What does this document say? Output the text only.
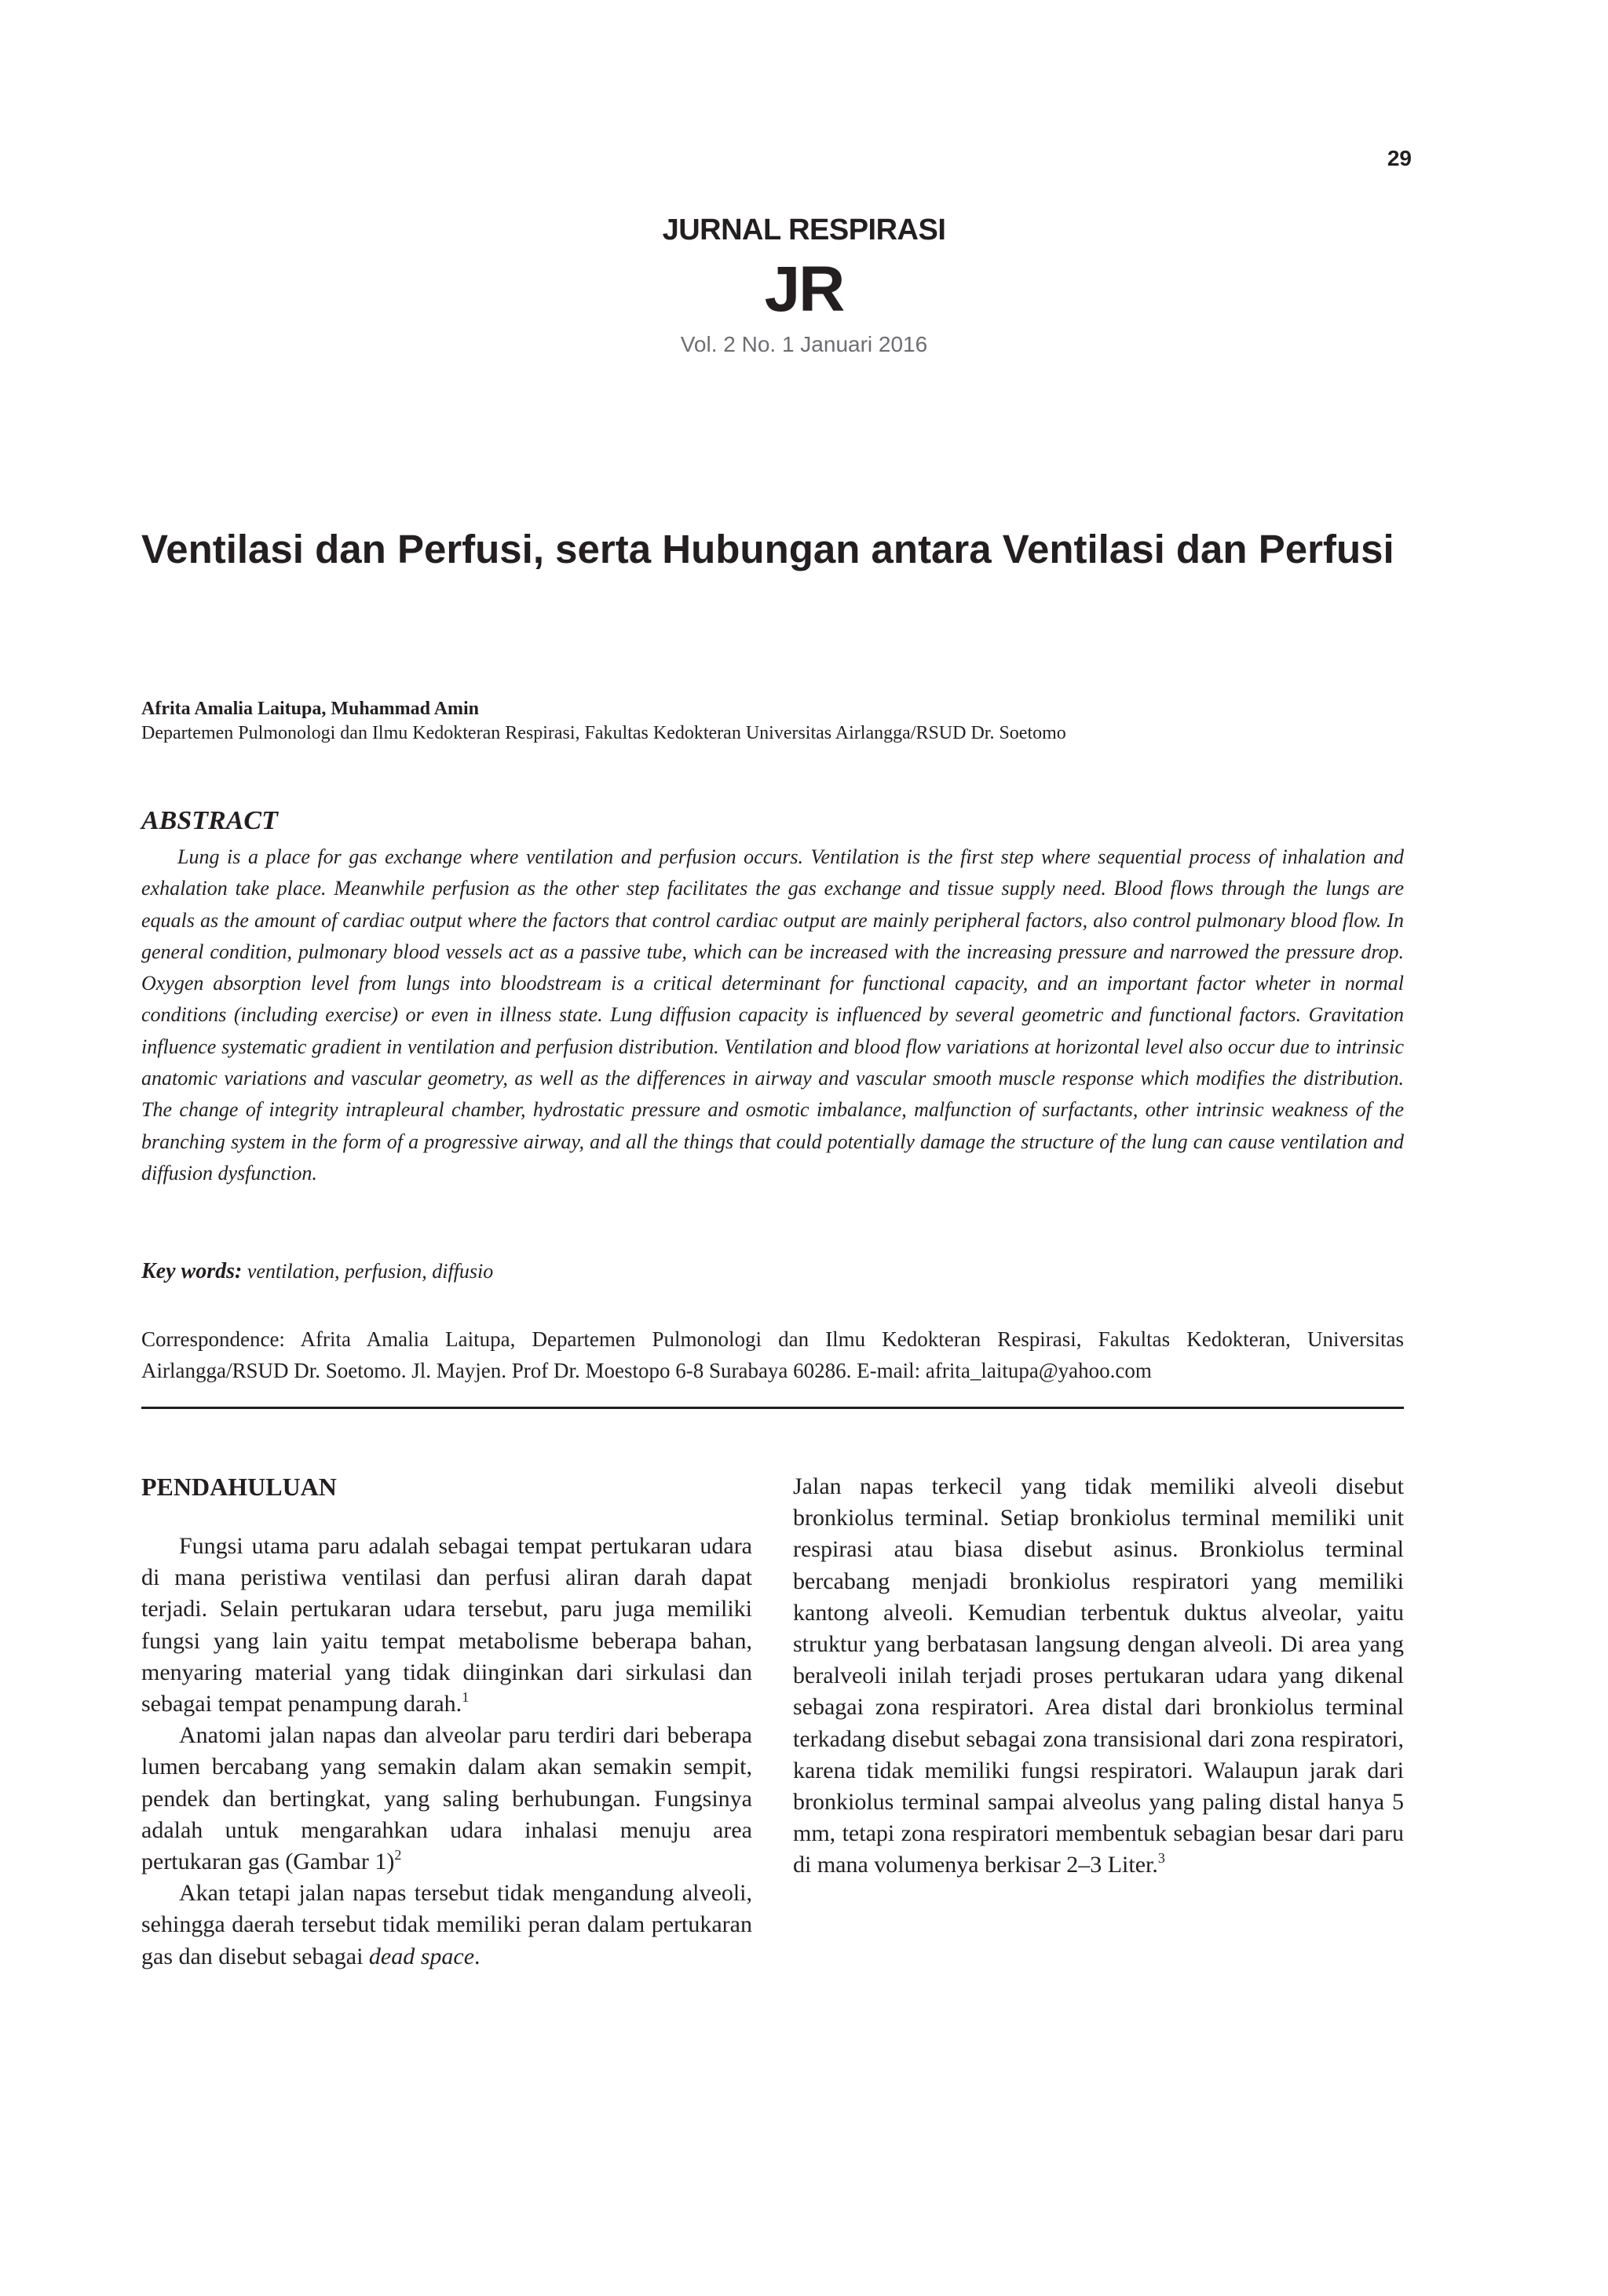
29
JURNAL RESPIRASI
JR
Vol. 2 No. 1 Januari 2016
Ventilasi dan Perfusi, serta Hubungan antara Ventilasi dan Perfusi
Afrita Amalia Laitupa, Muhammad Amin
Departemen Pulmonologi dan Ilmu Kedokteran Respirasi, Fakultas Kedokteran Universitas Airlangga/RSUD Dr. Soetomo
ABSTRACT

Lung is a place for gas exchange where ventilation and perfusion occurs. Ventilation is the first step where sequential process of inhalation and exhalation take place. Meanwhile perfusion as the other step facilitates the gas exchange and tissue supply need. Blood flows through the lungs are equals as the amount of cardiac output where the factors that control cardiac output are mainly peripheral factors, also control pulmonary blood flow. In general condition, pulmonary blood vessels act as a passive tube, which can be increased with the increasing pressure and narrowed the pressure drop. Oxygen absorption level from lungs into bloodstream is a critical determinant for functional capacity, and an important factor wheter in normal conditions (including exercise) or even in illness state. Lung diffusion capacity is influenced by several geometric and functional factors. Gravitation influence systematic gradient in ventilation and perfusion distribution. Ventilation and blood flow variations at horizontal level also occur due to intrinsic anatomic variations and vascular geometry, as well as the differences in airway and vascular smooth muscle response which modifies the distribution. The change of integrity intrapleural chamber, hydrostatic pressure and osmotic imbalance, malfunction of surfactants, other intrinsic weakness of the branching system in the form of a progressive airway, and all the things that could potentially damage the structure of the lung can cause ventilation and diffusion dysfunction.

Key words: ventilation, perfusion, diffusio
Correspondence: Afrita Amalia Laitupa, Departemen Pulmonologi dan Ilmu Kedokteran Respirasi, Fakultas Kedokteran, Universitas Airlangga/RSUD Dr. Soetomo. Jl. Mayjen. Prof Dr. Moestopo 6-8 Surabaya 60286. E-mail: afrita_laitupa@yahoo.com
PENDAHULUAN

Fungsi utama paru adalah sebagai tempat pertukaran udara di mana peristiwa ventilasi dan perfusi aliran darah dapat terjadi. Selain pertukaran udara tersebut, paru juga memiliki fungsi yang lain yaitu tempat metabolisme beberapa bahan, menyaring material yang tidak diinginkan dari sirkulasi dan sebagai tempat penampung darah.$^1$

Anatomi jalan napas dan alveolar paru terdiri dari beberapa lumen bercabang yang semakin dalam akan semakin sempit, pendek dan bertingkat, yang saling berhubungan. Fungsinya adalah untuk mengarahkan udara inhalasi menuju area pertukaran gas (Gambar 1)$^2$

Akan tetapi jalan napas tersebut tidak mengandung alveoli, sehingga daerah tersebut tidak memiliki peran dalam pertukaran gas dan disebut sebagai dead space.

Jalan napas terkecil yang tidak memiliki alveoli disebut bronkiolus terminal. Setiap bronkiolus terminal memiliki unit respirasi atau biasa disebut asinus. Bronkiolus terminal bercabang menjadi bronkiolus respiratori yang memiliki kantong alveoli. Kemudian terbentuk duktus alveolar, yaitu struktur yang berbatasan langsung dengan alveoli. Di area yang beralveoli inilah terjadi proses pertukaran udara yang dikenal sebagai zona respiratori. Area distal dari bronkiolus terminal terkadang disebut sebagai zona transisional dari zona respiratori, karena tidak memiliki fungsi respiratori. Walaupun jarak dari bronkiolus terminal sampai alveolus yang paling distal hanya 5 mm, tetapi zona respiratori membentuk sebagian besar dari paru di mana volumenya berkisar 2–3 Liter.$^3$
